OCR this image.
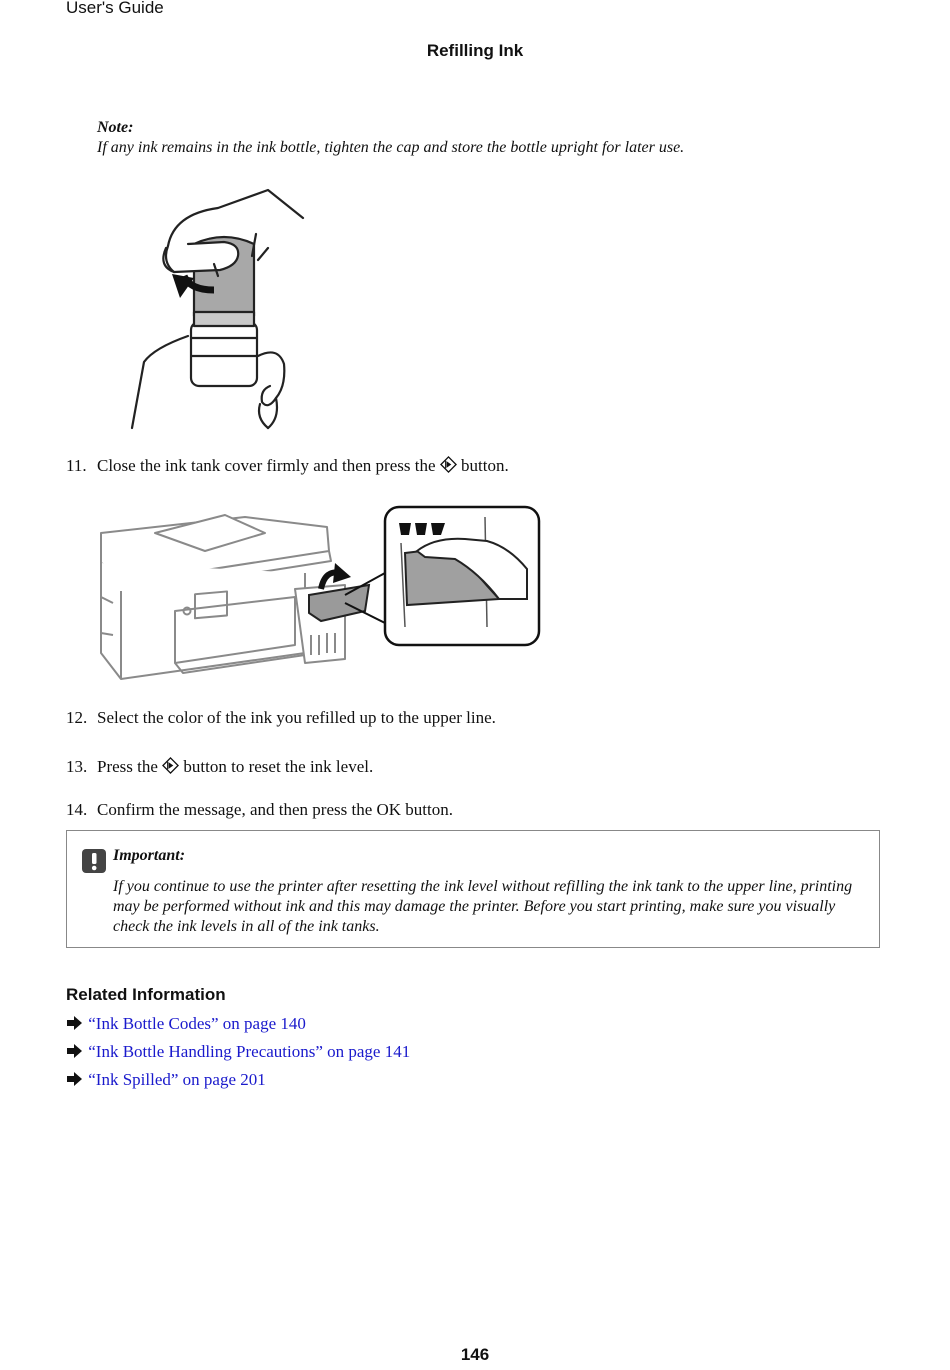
User's Guide
Refilling Ink
Note:
If any ink remains in the ink bottle, tighten the cap and store the bottle upright for later use.
11. Close the ink tank cover firmly and then press the button.
12. Select the color of the ink you refilled up to the upper line.
13. Press the button to reset the ink level.
14. Confirm the message, and then press the OK button.
Important:
If you continue to use the printer after resetting the ink level without refilling the ink tank to the upper line, printing may be performed without ink and this may damage the printer. Before you start printing, make sure you visually check the ink levels in all of the ink tanks.
Related Information
“Ink Bottle Codes” on page 140
“Ink Bottle Handling Precautions” on page 141
“Ink Spilled” on page 201
146
